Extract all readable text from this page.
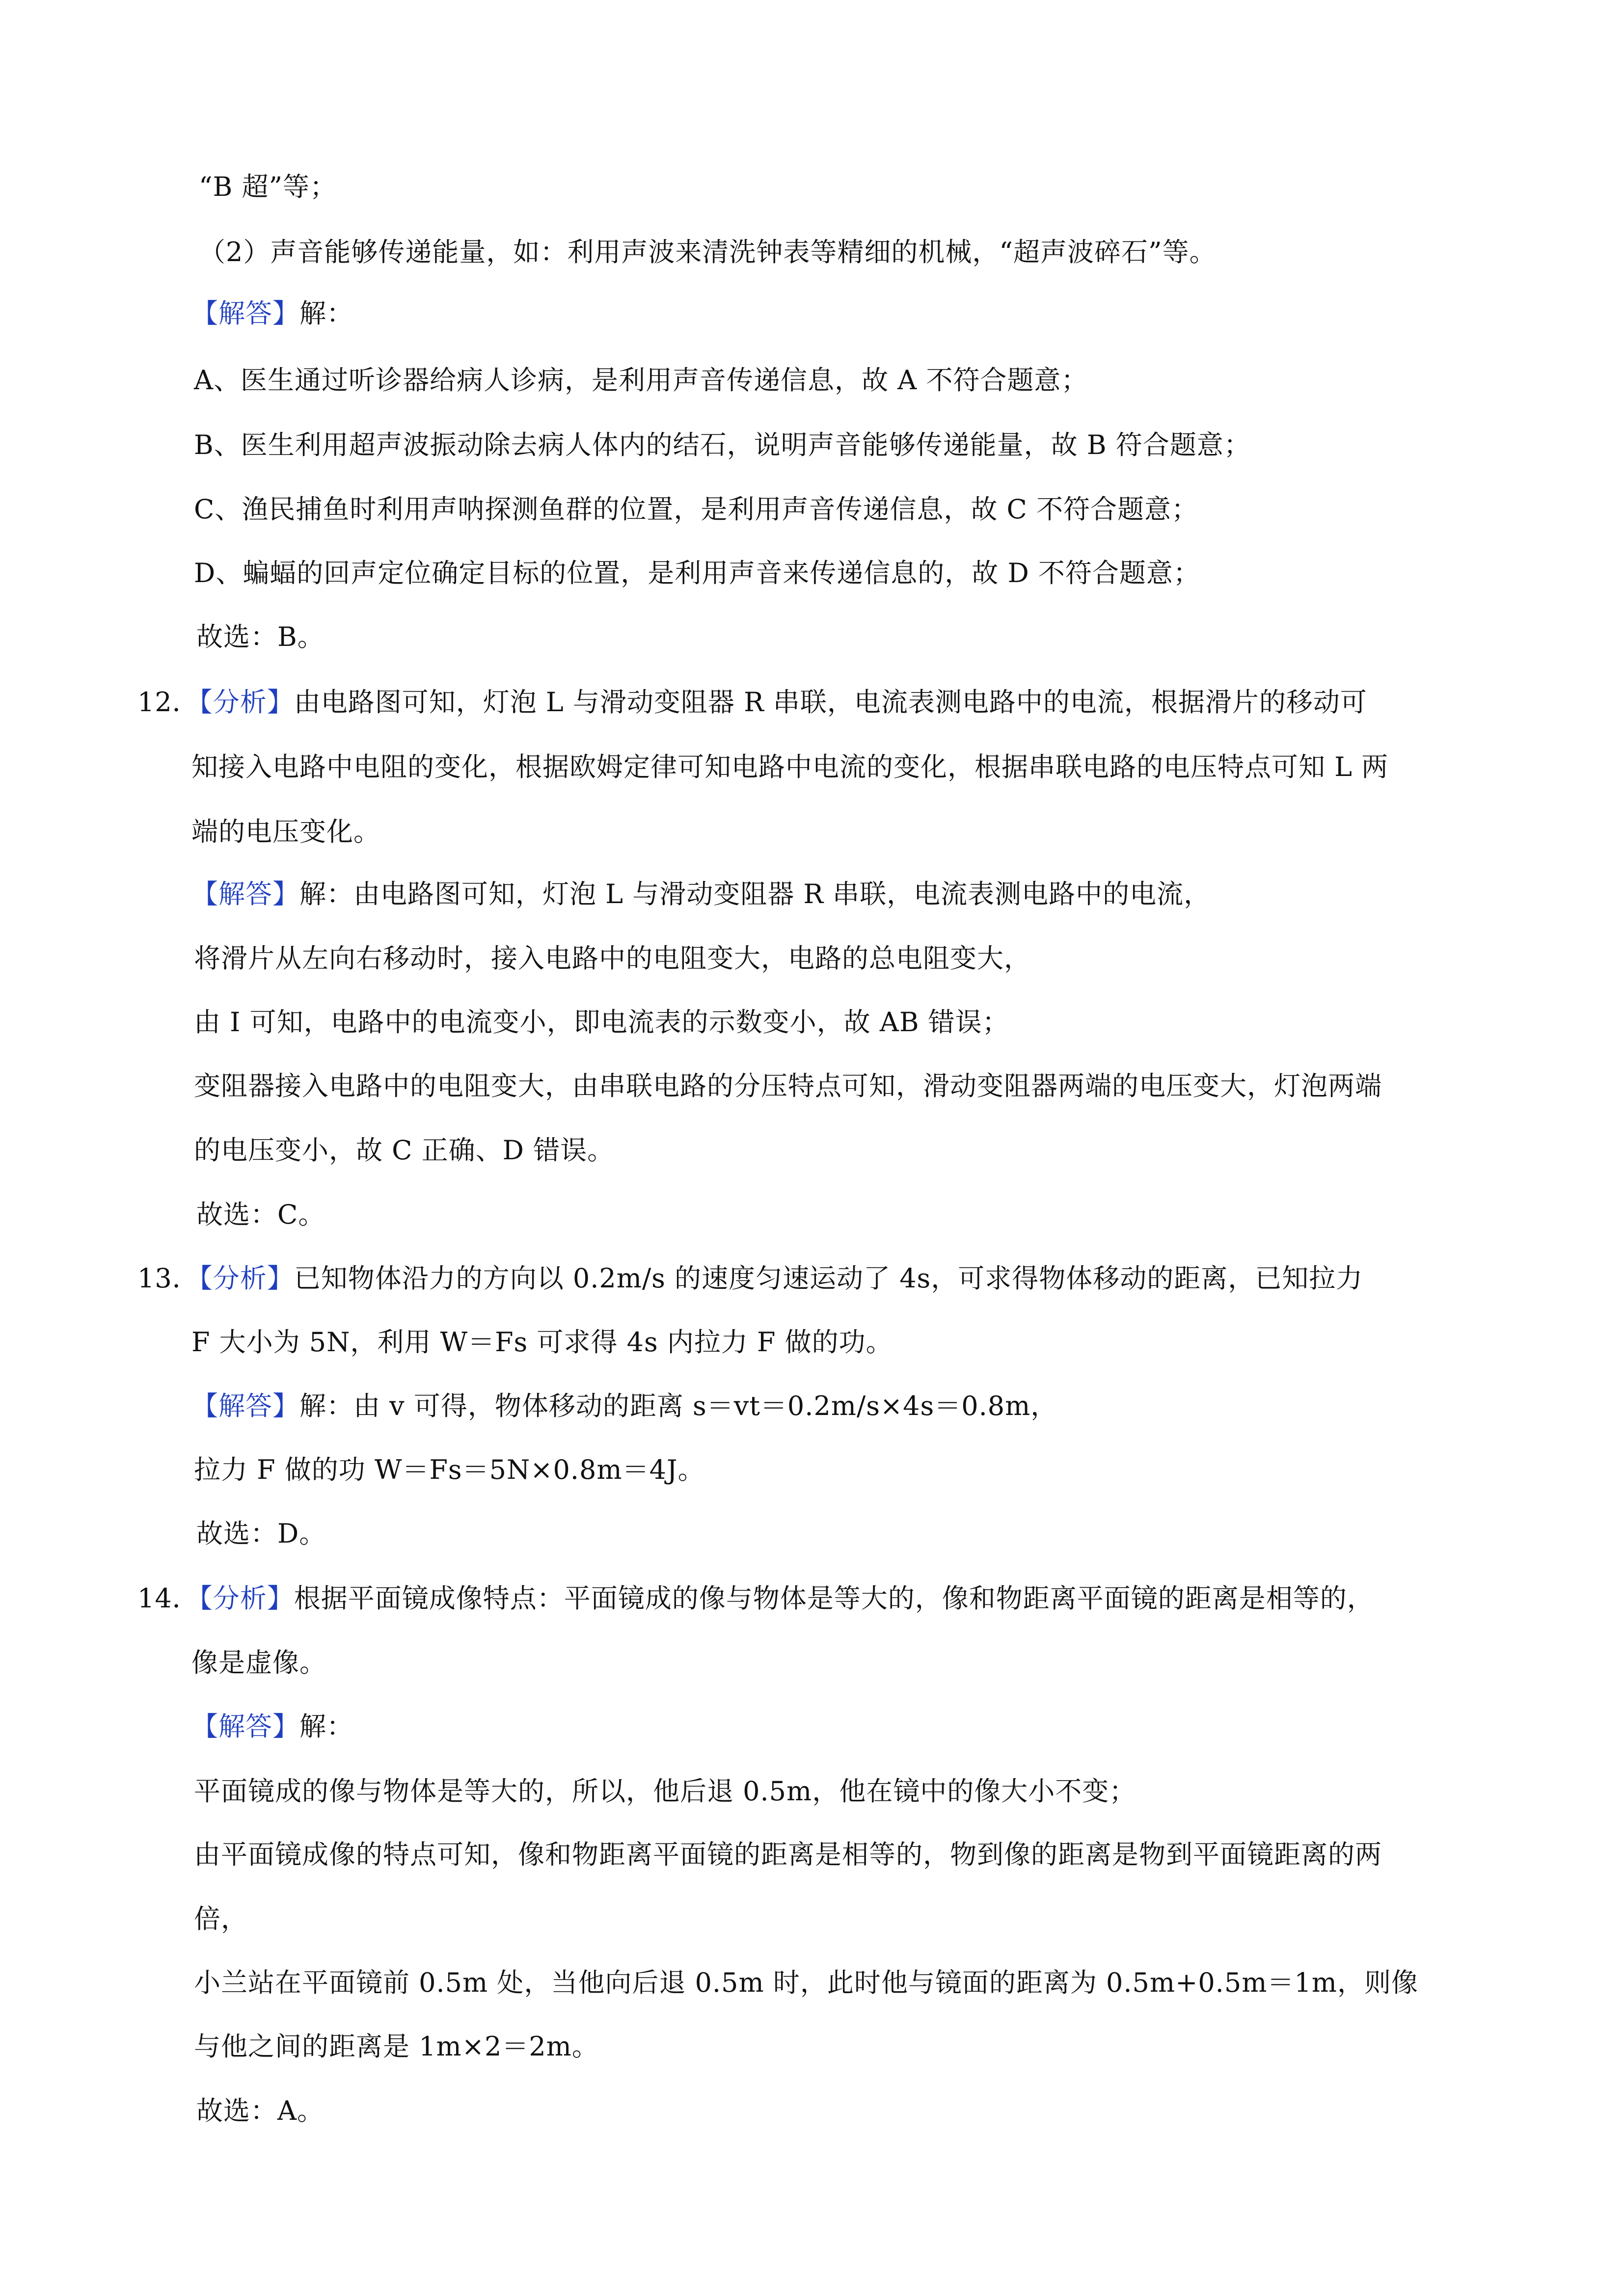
“B 超”等；
（2）声音能够传递能量，如：利用声波来清洗钟表等精细的机械，“超声波碎石”等。
【解答】解：
A、医生通过听诊器给病人诊病，是利用声音传递信息，故 A 不符合题意；
B、医生利用超声波振动除去病人体内的结石，说明声音能够传递能量，故 B 符合题意；
C、渔民捕鱼时利用声呐探测鱼群的位置，是利用声音传递信息，故 C 不符合题意；
D、蝙蝠的回声定位确定目标的位置，是利用声音来传递信息的，故 D 不符合题意；
故选：B。
12．【分析】由电路图可知，灯泡 L 与滑动变阻器 R 串联，电流表测电路中的电流，根据滑片的移动可
知接入电路中电阻的变化，根据欧姆定律可知电路中电流的变化，根据串联电路的电压特点可知 L 两
端的电压变化。
【解答】解：由电路图可知，灯泡 L 与滑动变阻器 R 串联，电流表测电路中的电流，
将滑片从左向右移动时，接入电路中的电阻变大，电路的总电阻变大，
由 I 可知，电路中的电流变小，即电流表的示数变小，故 AB 错误；
变阻器接入电路中的电阻变大，由串联电路的分压特点可知，滑动变阻器两端的电压变大，灯泡两端
的电压变小，故 C 正确、D 错误。
故选：C。
13．【分析】已知物体沿力的方向以 0.2m/s 的速度匀速运动了 4s，可求得物体移动的距离，已知拉力
F 大小为 5N，利用 W＝Fs 可求得 4s 内拉力 F 做的功。
【解答】解：由 v 可得，物体移动的距离 s＝vt＝0.2m/s×4s＝0.8m，
拉力 F 做的功 W＝Fs＝5N×0.8m＝4J。
故选：D。
14．【分析】根据平面镜成像特点：平面镜成的像与物体是等大的，像和物距离平面镜的距离是相等的，
像是虚像。
【解答】解：
平面镜成的像与物体是等大的，所以，他后退 0.5m，他在镜中的像大小不变；
由平面镜成像的特点可知，像和物距离平面镜的距离是相等的，物到像的距离是物到平面镜距离的两
倍，
小兰站在平面镜前 0.5m 处，当他向后退 0.5m 时，此时他与镜面的距离为 0.5m+0.5m＝1m，则像
与他之间的距离是 1m×2＝2m。
故选：A。
